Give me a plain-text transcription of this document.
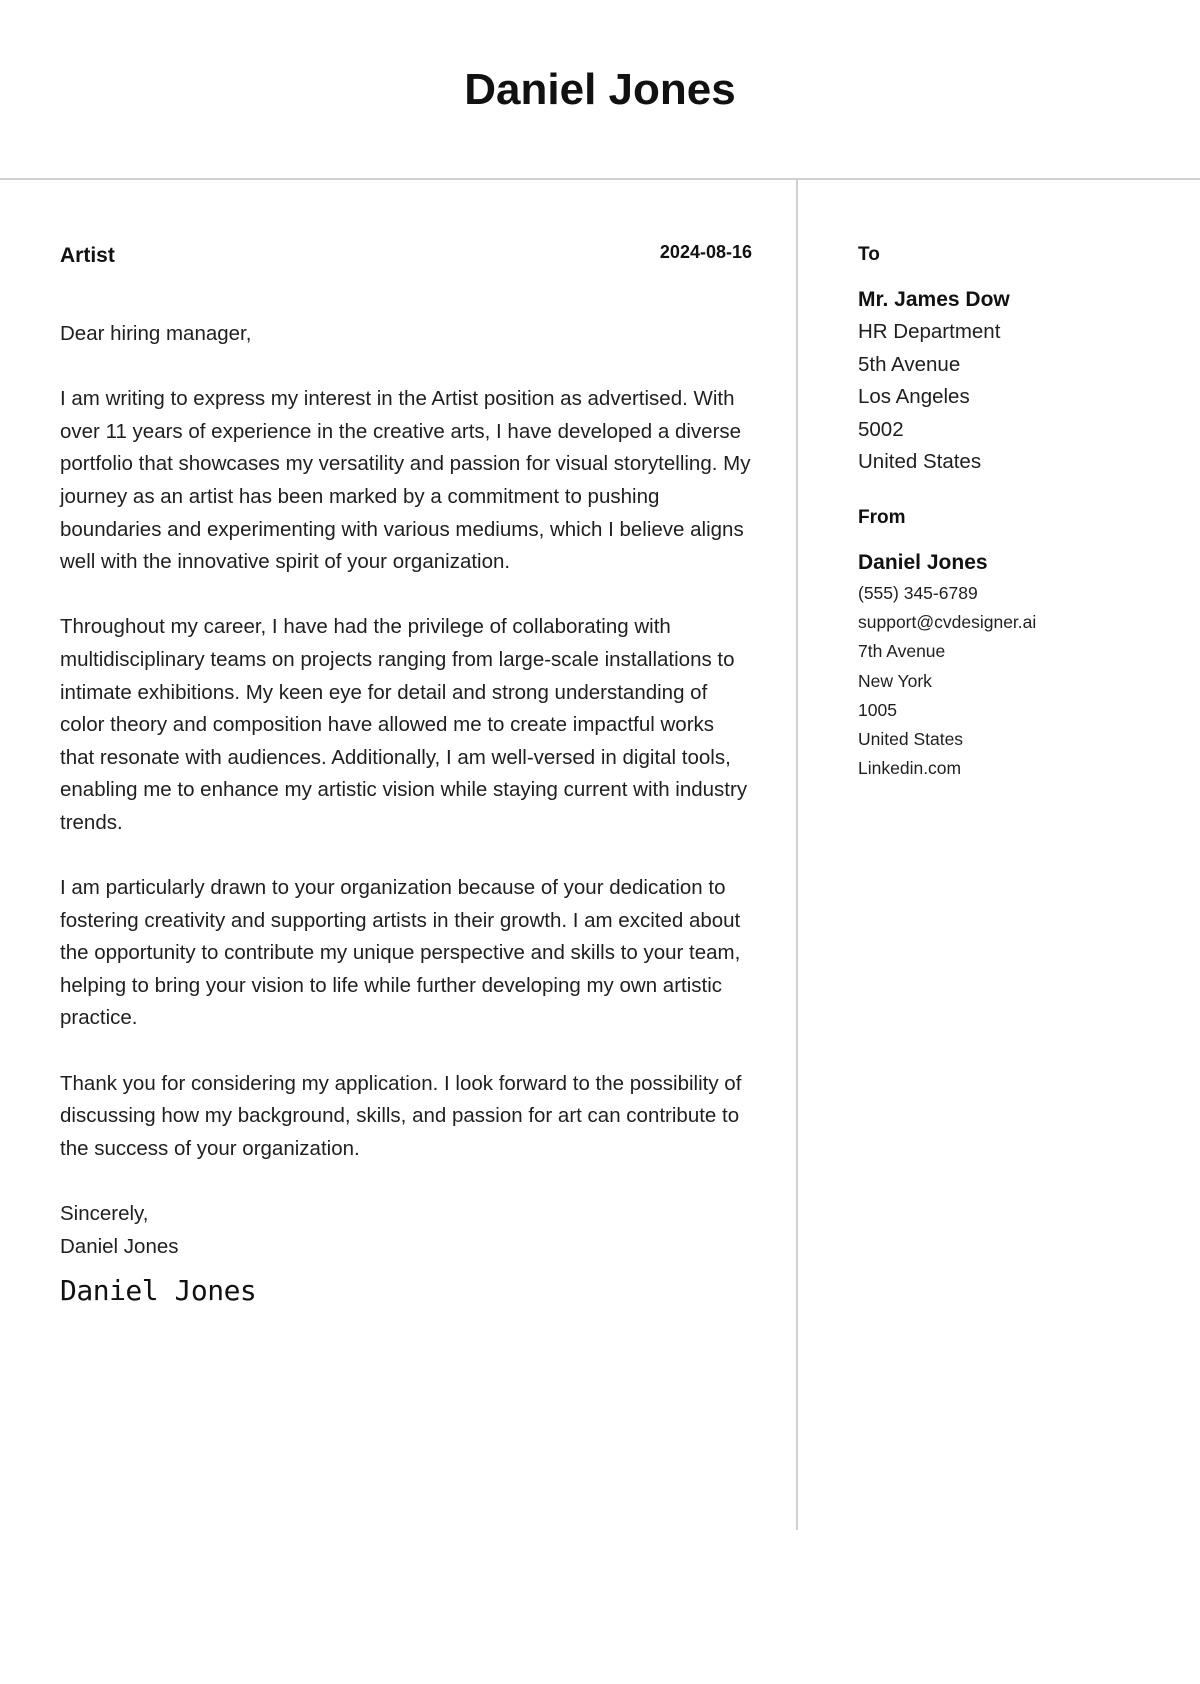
Daniel Jones
Artist	2024-08-16

Dear hiring manager,

I am writing to express my interest in the Artist position as advertised. With over 11 years of experience in the creative arts, I have developed a diverse portfolio that showcases my versatility and passion for visual storytelling. My journey as an artist has been marked by a commitment to pushing boundaries and experimenting with various mediums, which I believe aligns well with the innovative spirit of your organization.

Throughout my career, I have had the privilege of collaborating with multidisciplinary teams on projects ranging from large-scale installations to intimate exhibitions. My keen eye for detail and strong understanding of color theory and composition have allowed me to create impactful works that resonate with audiences. Additionally, I am well-versed in digital tools, enabling me to enhance my artistic vision while staying current with industry trends.

I am particularly drawn to your organization because of your dedication to fostering creativity and supporting artists in their growth. I am excited about the opportunity to contribute my unique perspective and skills to your team, helping to bring your vision to life while further developing my own artistic practice.

Thank you for considering my application. I look forward to the possibility of discussing how my background, skills, and passion for art can contribute to the success of your organization.

Sincerely,
Daniel Jones
Daniel Jones

To

Mr. James Dow
HR Department
5th Avenue
Los Angeles
5002
United States

From

Daniel Jones
(555) 345-6789
support@cvdesigner.ai
7th Avenue
New York
1005
United States
Linkedin.com
